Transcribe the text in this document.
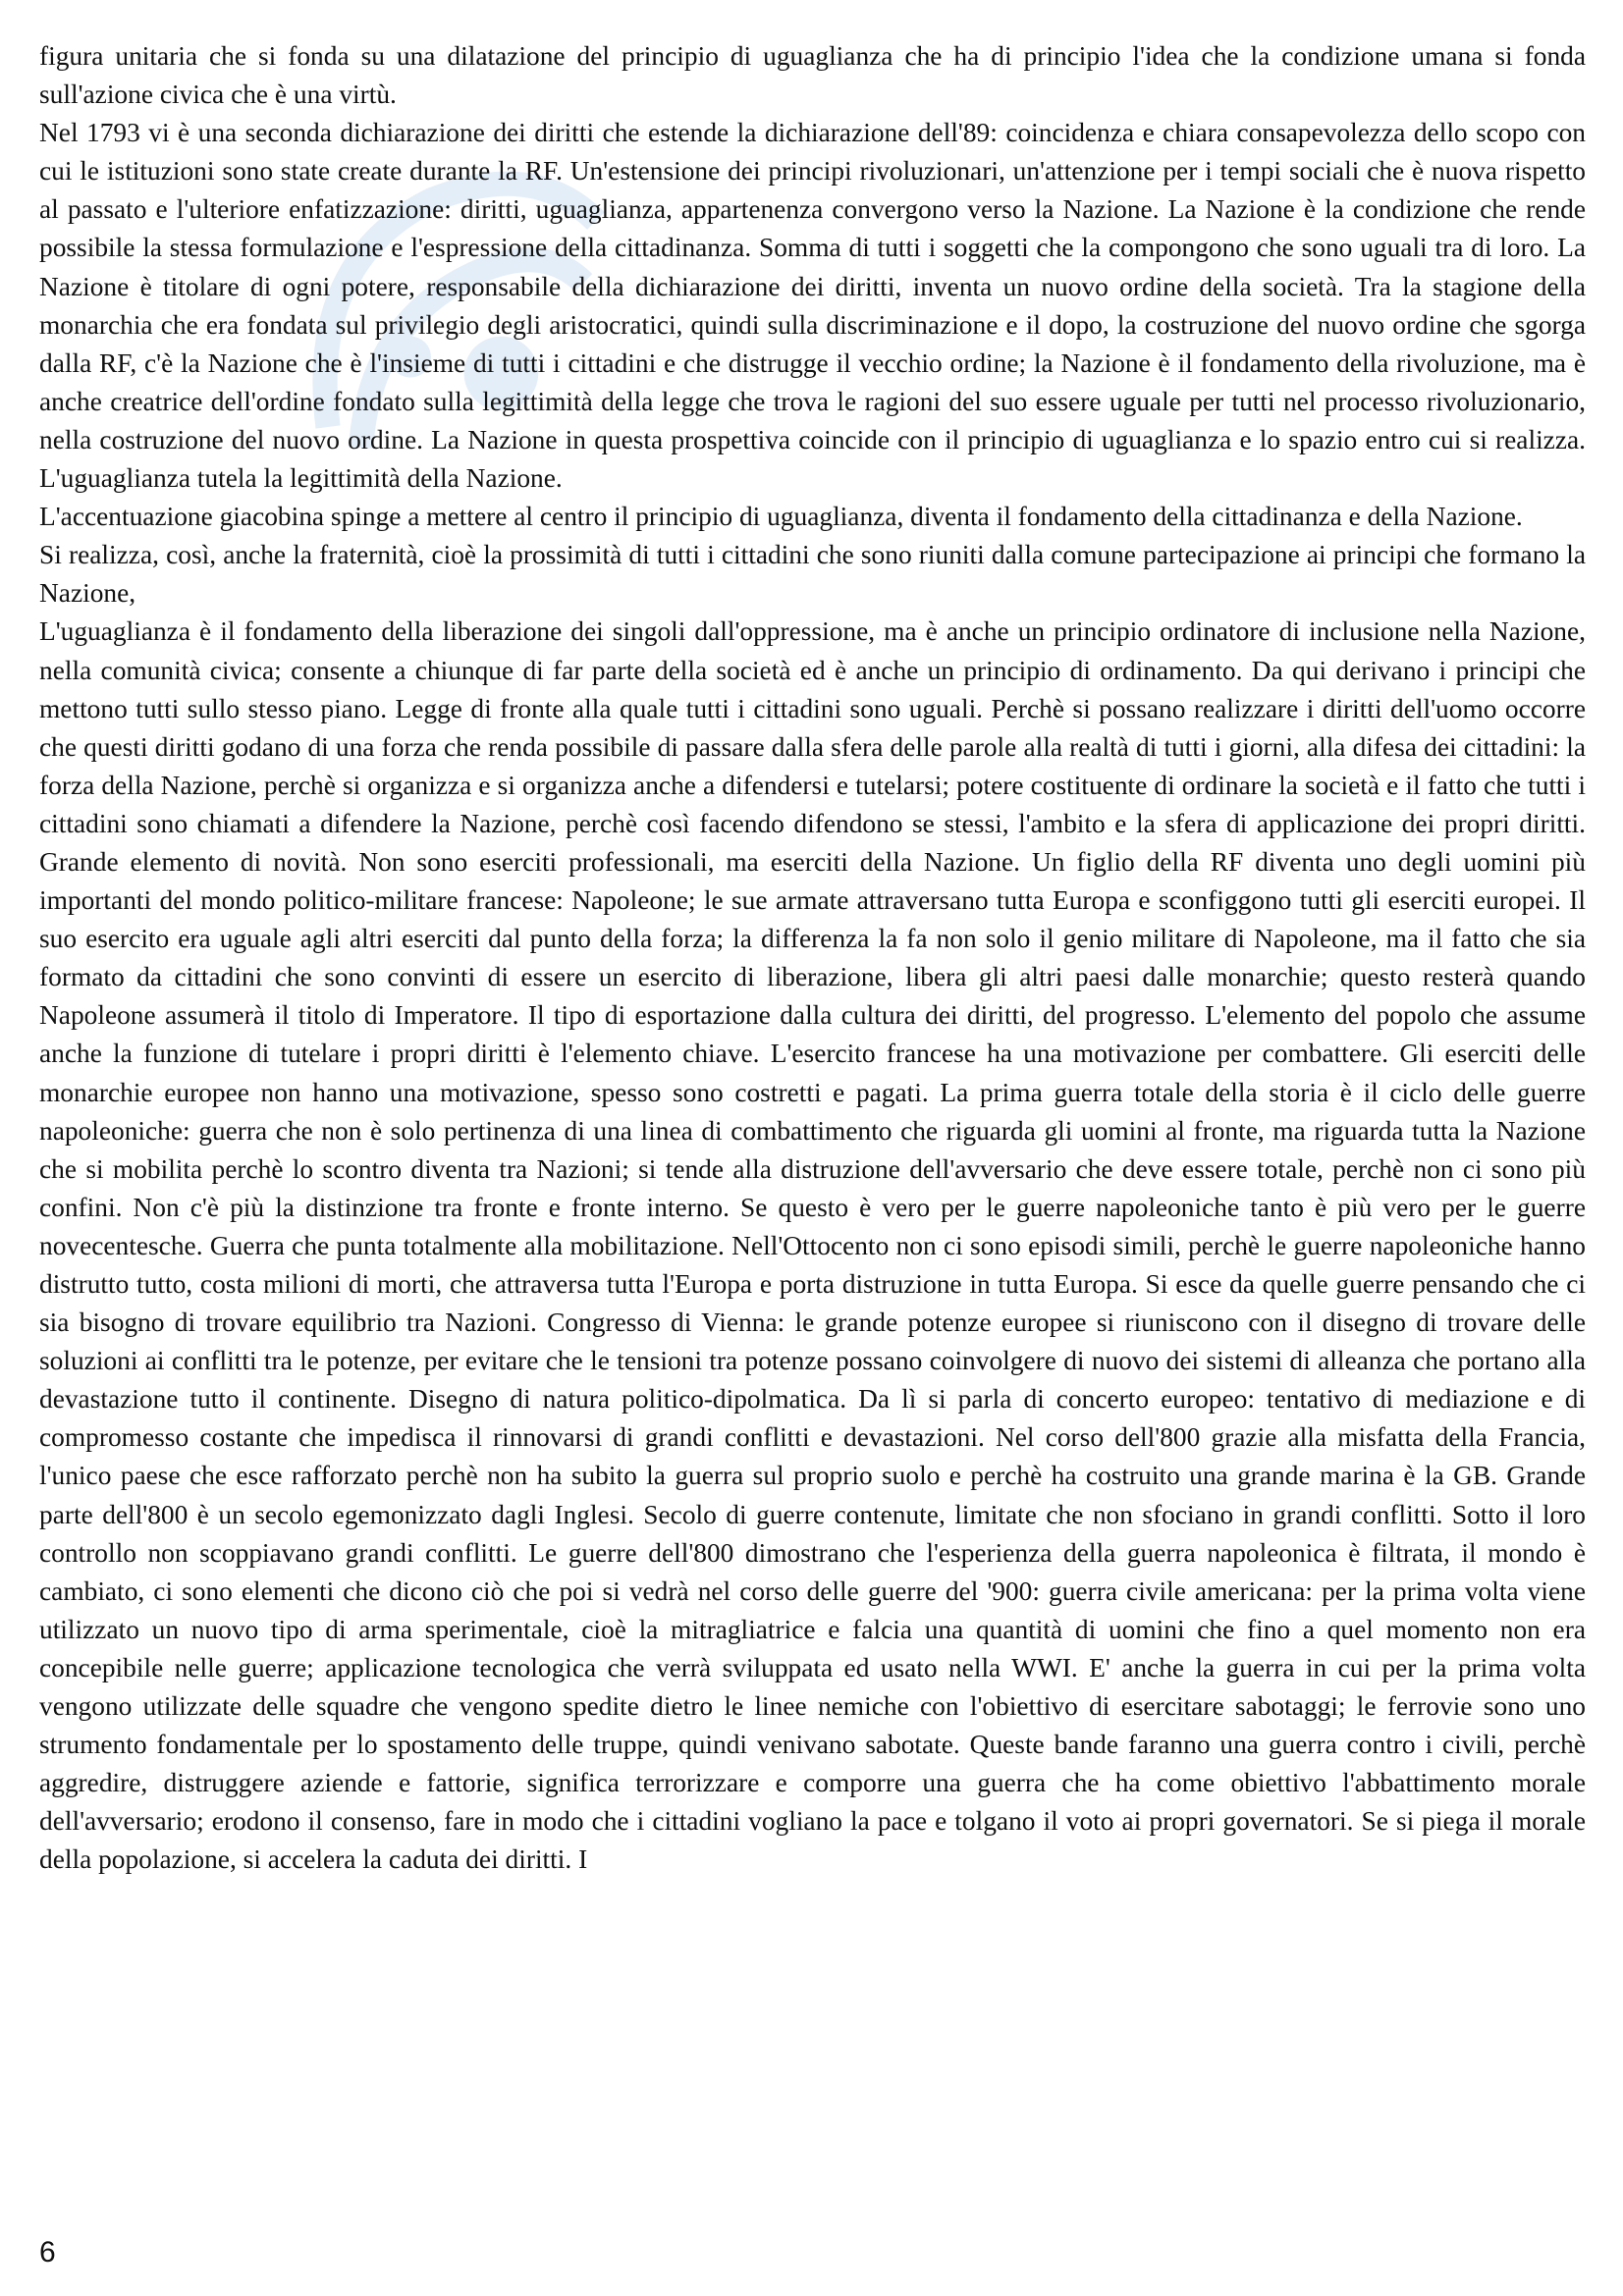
figura unitaria che si fonda su una dilatazione del principio di uguaglianza che ha di principio l'idea che la condizione umana si fonda sull'azione civica che è una virtù.

Nel 1793 vi è una seconda dichiarazione dei diritti che estende la dichiarazione dell'89: coincidenza e chiara consapevolezza dello scopo con cui le istituzioni sono state create durante la RF. Un'estensione dei principi rivoluzionari, un'attenzione per i tempi sociali che è nuova rispetto al passato e l'ulteriore enfatizzazione: diritti, uguaglianza, appartenenza convergono verso la Nazione. La Nazione è la condizione che rende possibile la stessa formulazione e l'espressione della cittadinanza. Somma di tutti i soggetti che la compongono che sono uguali tra di loro. La Nazione è titolare di ogni potere, responsabile della dichiarazione dei diritti, inventa un nuovo ordine della società. Tra la stagione della monarchia che era fondata sul privilegio degli aristocratici, quindi sulla discriminazione e il dopo, la costruzione del nuovo ordine che sgorga dalla RF, c'è la Nazione che è l'insieme di tutti i cittadini e che distrugge il vecchio ordine; la Nazione è il fondamento della rivoluzione, ma è anche creatrice dell'ordine fondato sulla legittimità della legge che trova le ragioni del suo essere uguale per tutti nel processo rivoluzionario, nella costruzione del nuovo ordine. La Nazione in questa prospettiva coincide con il principio di uguaglianza e lo spazio entro cui si realizza. L'uguaglianza tutela la legittimità della Nazione.

L'accentuazione giacobina spinge a mettere al centro il principio di uguaglianza, diventa il fondamento della cittadinanza e della Nazione.

Si realizza, così, anche la fraternità, cioè la prossimità di tutti i cittadini che sono riuniti dalla comune partecipazione ai principi che formano la Nazione,

L'uguaglianza è il fondamento della liberazione dei singoli dall'oppressione, ma è anche un principio ordinatore di inclusione nella Nazione, nella comunità civica; consente a chiunque di far parte della società ed è anche un principio di ordinamento. Da qui derivano i principi che mettono tutti sullo stesso piano. Legge di fronte alla quale tutti i cittadini sono uguali. Perchè si possano realizzare i diritti dell'uomo occorre che questi diritti godano di una forza che renda possibile di passare dalla sfera delle parole alla realtà di tutti i giorni, alla difesa dei cittadini: la forza della Nazione, perchè si organizza e si organizza anche a difendersi e tutelarsi; potere costituente di ordinare la società e il fatto che tutti i cittadini sono chiamati a difendere la Nazione, perchè così facendo difendono se stessi, l'ambito e la sfera di applicazione dei propri diritti. Grande elemento di novità. Non sono eserciti professionali, ma eserciti della Nazione. Un figlio della RF diventa uno degli uomini più importanti del mondo politico-militare francese: Napoleone; le sue armate attraversano tutta Europa e sconfiggono tutti gli eserciti europei. Il suo esercito era uguale agli altri eserciti dal punto della forza; la differenza la fa non solo il genio militare di Napoleone, ma il fatto che sia formato da cittadini che sono convinti di essere un esercito di liberazione, libera gli altri paesi dalle monarchie; questo resterà quando Napoleone assumerà il titolo di Imperatore. Il tipo di esportazione dalla cultura dei diritti, del progresso. L'elemento del popolo che assume anche la funzione di tutelare i propri diritti è l'elemento chiave. L'esercito francese ha una motivazione per combattere. Gli eserciti delle monarchie europee non hanno una motivazione, spesso sono costretti e pagati. La prima guerra totale della storia è il ciclo delle guerre napoleoniche: guerra che non è solo pertinenza di una linea di combattimento che riguarda gli uomini al fronte, ma riguarda tutta la Nazione che si mobilita perchè lo scontro diventa tra Nazioni; si tende alla distruzione dell'avversario che deve essere totale, perchè non ci sono più confini. Non c'è più la distinzione tra fronte e fronte interno. Se questo è vero per le guerre napoleoniche tanto è più vero per le guerre novecentesche. Guerra che punta totalmente alla mobilitazione. Nell'Ottocento non ci sono episodi simili, perchè le guerre napoleoniche hanno distrutto tutto, costa milioni di morti, che attraversa tutta l'Europa e porta distruzione in tutta Europa. Si esce da quelle guerre pensando che ci sia bisogno di trovare equilibrio tra Nazioni. Congresso di Vienna: le grande potenze europee si riuniscono con il disegno di trovare delle soluzioni ai conflitti tra le potenze, per evitare che le tensioni tra potenze possano coinvolgere di nuovo dei sistemi di alleanza che portano alla devastazione tutto il continente. Disegno di natura politico-dipolmatica. Da lì si parla di concerto europeo: tentativo di mediazione e di compromesso costante che impedisca il rinnovarsi di grandi conflitti e devastazioni. Nel corso dell'800 grazie alla misfatta della Francia, l'unico paese che esce rafforzato perchè non ha subito la guerra sul proprio suolo e perchè ha costruito una grande marina è la GB. Grande parte dell'800 è un secolo egemonizzato dagli Inglesi. Secolo di guerre contenute, limitate che non sfociano in grandi conflitti. Sotto il loro controllo non scoppiavano grandi conflitti. Le guerre dell'800 dimostrano che l'esperienza della guerra napoleonica è filtrata, il mondo è cambiato, ci sono elementi che dicono ciò che poi si vedrà nel corso delle guerre del '900: guerra civile americana: per la prima volta viene utilizzato un nuovo tipo di arma sperimentale, cioè la mitragliatrice e falcia una quantità di uomini che fino a quel momento non era concepibile nelle guerre; applicazione tecnologica che verrà sviluppata ed usato nella WWI. E' anche la guerra in cui per la prima volta vengono utilizzate delle squadre che vengono spedite dietro le linee nemiche con l'obiettivo di esercitare sabotaggi; le ferrovie sono uno strumento fondamentale per lo spostamento delle truppe, quindi venivano sabotate. Queste bande faranno una guerra contro i civili, perchè aggredire, distruggere aziende e fattorie, significa terrorizzare e comporre una guerra che ha come obiettivo l'abbattimento morale dell'avversario; erodono il consenso, fare in modo che i cittadini vogliano la pace e tolgano il voto ai propri governatori. Se si piega il morale della popolazione, si accelera la caduta dei diritti. I

6
